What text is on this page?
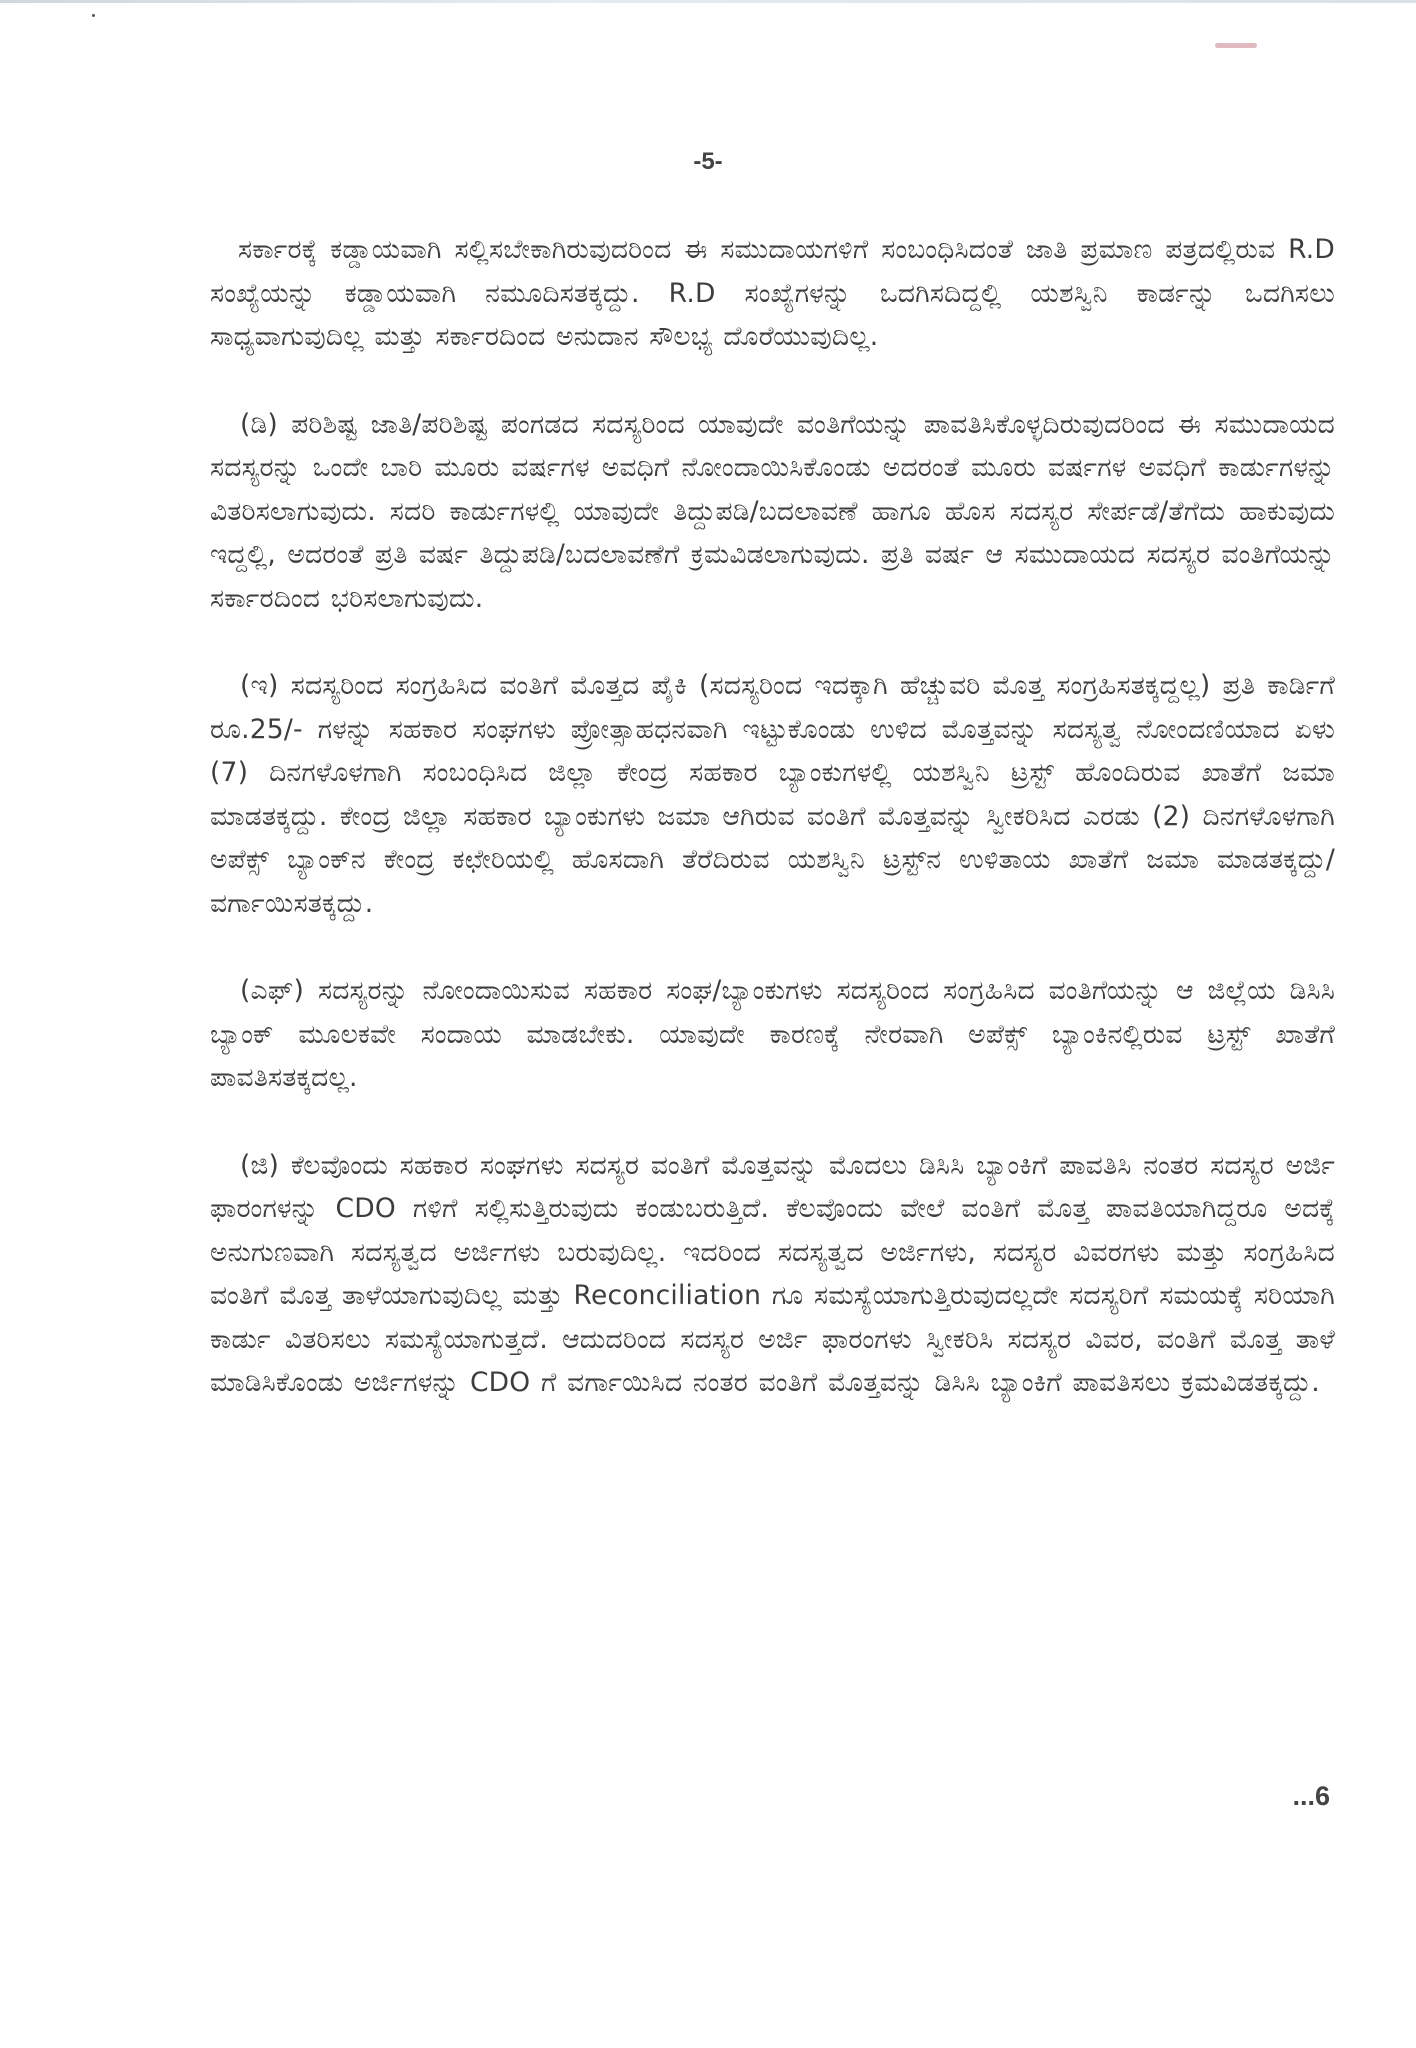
-5-

ಸರ್ಕಾರಕ್ಕೆ ಕಡ್ಡಾಯವಾಗಿ ಸಲ್ಲಿಸಬೇಕಾಗಿರುವುದರಿಂದ ಈ ಸಮುದಾಯಗಳಿಗೆ ಸಂಬಂಧಿಸಿದಂತೆ ಜಾತಿ ಪ್ರಮಾಣ ಪತ್ರದಲ್ಲಿರುವ R.D ಸಂಖ್ಯೆಯನ್ನು ಕಡ್ಡಾಯವಾಗಿ ನಮೂದಿಸತಕ್ಕದ್ದು. R.D ಸಂಖ್ಯೆಗಳನ್ನು ಒದಗಿಸದಿದ್ದಲ್ಲಿ ಯಶಸ್ವಿನಿ ಕಾರ್ಡನ್ನು ಒದಗಿಸಲು ಸಾಧ್ಯವಾಗುವುದಿಲ್ಲ ಮತ್ತು ಸರ್ಕಾರದಿಂದ ಅನುದಾನ ಸೌಲಭ್ಯ ದೊರೆಯುವುದಿಲ್ಲ.

(ಡಿ) ಪರಿಶಿಷ್ಟ ಜಾತಿ/ಪರಿಶಿಷ್ಟ ಪಂಗಡದ ಸದಸ್ಯರಿಂದ ಯಾವುದೇ ವಂತಿಗೆಯನ್ನು ಪಾವತಿಸಿಕೊಳ್ಳದಿರುವುದರಿಂದ ಈ ಸಮುದಾಯದ ಸದಸ್ಯರನ್ನು ಒಂದೇ ಬಾರಿ ಮೂರು ವರ್ಷಗಳ ಅವಧಿಗೆ ನೋಂದಾಯಿಸಿಕೊಂಡು ಅದರಂತೆ ಮೂರು ವರ್ಷಗಳ ಅವಧಿಗೆ ಕಾರ್ಡುಗಳನ್ನು ವಿತರಿಸಲಾಗುವುದು. ಸದರಿ ಕಾರ್ಡುಗಳಲ್ಲಿ ಯಾವುದೇ ತಿದ್ದುಪಡಿ/ಬದಲಾವಣೆ ಹಾಗೂ ಹೊಸ ಸದಸ್ಯರ ಸೇರ್ಪಡೆ/ತೆಗೆದು ಹಾಕುವುದು ಇದ್ದಲ್ಲಿ, ಅದರಂತೆ ಪ್ರತಿ ವರ್ಷ ತಿದ್ದುಪಡಿ/ಬದಲಾವಣೆಗೆ ಕ್ರಮವಿಡಲಾಗುವುದು. ಪ್ರತಿ ವರ್ಷ ಆ ಸಮುದಾಯದ ಸದಸ್ಯರ ವಂತಿಗೆಯನ್ನು ಸರ್ಕಾರದಿಂದ ಭರಿಸಲಾಗುವುದು.

(ಇ) ಸದಸ್ಯರಿಂದ ಸಂಗ್ರಹಿಸಿದ ವಂತಿಗೆ ಮೊತ್ತದ ಪೈಕಿ (ಸದಸ್ಯರಿಂದ ಇದಕ್ಕಾಗಿ ಹೆಚ್ಚುವರಿ ಮೊತ್ತ ಸಂಗ್ರಹಿಸತಕ್ಕದ್ದಲ್ಲ) ಪ್ರತಿ ಕಾರ್ಡಿಗೆ ರೂ.25/- ಗಳನ್ನು ಸಹಕಾರ ಸಂಘಗಳು ಪ್ರೋತ್ಸಾಹಧನವಾಗಿ ಇಟ್ಟುಕೊಂಡು ಉಳಿದ ಮೊತ್ತವನ್ನು ಸದಸ್ಯತ್ವ ನೋಂದಣಿಯಾದ ಏಳು (7) ದಿನಗಳೊಳಗಾಗಿ ಸಂಬಂಧಿಸಿದ ಜಿಲ್ಲಾ ಕೇಂದ್ರ ಸಹಕಾರ ಬ್ಯಾಂಕುಗಳಲ್ಲಿ ಯಶಸ್ವಿನಿ ಟ್ರಸ್ಟ್ ಹೊಂದಿರುವ ಖಾತೆಗೆ ಜಮಾ ಮಾಡತಕ್ಕದ್ದು. ಕೇಂದ್ರ ಜಿಲ್ಲಾ ಸಹಕಾರ ಬ್ಯಾಂಕುಗಳು ಜಮಾ ಆಗಿರುವ ವಂತಿಗೆ ಮೊತ್ತವನ್ನು ಸ್ವೀಕರಿಸಿದ ಎರಡು (2) ದಿನಗಳೊಳಗಾಗಿ ಅಪೆಕ್ಸ್ ಬ್ಯಾಂಕ್‌ನ ಕೇಂದ್ರ ಕಛೇರಿಯಲ್ಲಿ ಹೊಸದಾಗಿ ತೆರೆದಿರುವ ಯಶಸ್ವಿನಿ ಟ್ರಸ್ಟ್‌ನ ಉಳಿತಾಯ ಖಾತೆಗೆ ಜಮಾ ಮಾಡತಕ್ಕದ್ದು/ವರ್ಗಾಯಿಸತಕ್ಕದ್ದು.

(ಎಫ್) ಸದಸ್ಯರನ್ನು ನೋಂದಾಯಿಸುವ ಸಹಕಾರ ಸಂಘ/ಬ್ಯಾಂಕುಗಳು ಸದಸ್ಯರಿಂದ ಸಂಗ್ರಹಿಸಿದ ವಂತಿಗೆಯನ್ನು ಆ ಜಿಲ್ಲೆಯ ಡಿಸಿಸಿ ಬ್ಯಾಂಕ್ ಮೂಲಕವೇ ಸಂದಾಯ ಮಾಡಬೇಕು. ಯಾವುದೇ ಕಾರಣಕ್ಕೆ ನೇರವಾಗಿ ಅಪೆಕ್ಸ್ ಬ್ಯಾಂಕಿನಲ್ಲಿರುವ ಟ್ರಸ್ಟ್ ಖಾತೆಗೆ ಪಾವತಿಸತಕ್ಕದಲ್ಲ.

(ಜಿ) ಕೆಲವೊಂದು ಸಹಕಾರ ಸಂಘಗಳು ಸದಸ್ಯರ ವಂತಿಗೆ ಮೊತ್ತವನ್ನು ಮೊದಲು ಡಿಸಿಸಿ ಬ್ಯಾಂಕಿಗೆ ಪಾವತಿಸಿ ನಂತರ ಸದಸ್ಯರ ಅರ್ಜಿ ಫಾರಂಗಳನ್ನು CDO ಗಳಿಗೆ ಸಲ್ಲಿಸುತ್ತಿರುವುದು ಕಂಡುಬರುತ್ತಿದೆ. ಕೆಲವೊಂದು ವೇಲೆ ವಂತಿಗೆ ಮೊತ್ತ ಪಾವತಿಯಾಗಿದ್ದರೂ ಅದಕ್ಕೆ ಅನುಗುಣವಾಗಿ ಸದಸ್ಯತ್ವದ ಅರ್ಜಿಗಳು ಬರುವುದಿಲ್ಲ. ಇದರಿಂದ ಸದಸ್ಯತ್ವದ ಅರ್ಜಿಗಳು, ಸದಸ್ಯರ ವಿವರಗಳು ಮತ್ತು ಸಂಗ್ರಹಿಸಿದ ವಂತಿಗೆ ಮೊತ್ತ ತಾಳೆಯಾಗುವುದಿಲ್ಲ ಮತ್ತು Reconciliation ಗೂ ಸಮಸ್ಯೆಯಾಗುತ್ತಿರುವುದಲ್ಲದೇ ಸದಸ್ಯರಿಗೆ ಸಮಯಕ್ಕೆ ಸರಿಯಾಗಿ ಕಾರ್ಡು ವಿತರಿಸಲು ಸಮಸ್ಯೆಯಾಗುತ್ತದೆ. ಆದುದರಿಂದ ಸದಸ್ಯರ ಅರ್ಜಿ ಫಾರಂಗಳು ಸ್ವೀಕರಿಸಿ ಸದಸ್ಯರ ವಿವರ, ವಂತಿಗೆ ಮೊತ್ತ ತಾಳೆ ಮಾಡಿಸಿಕೊಂಡು ಅರ್ಜಿಗಳನ್ನು CDO ಗೆ ವರ್ಗಾಯಿಸಿದ ನಂತರ ವಂತಿಗೆ ಮೊತ್ತವನ್ನು ಡಿಸಿಸಿ ಬ್ಯಾಂಕಿಗೆ ಪಾವತಿಸಲು ಕ್ರಮವಿಡತಕ್ಕದ್ದು.

...6
